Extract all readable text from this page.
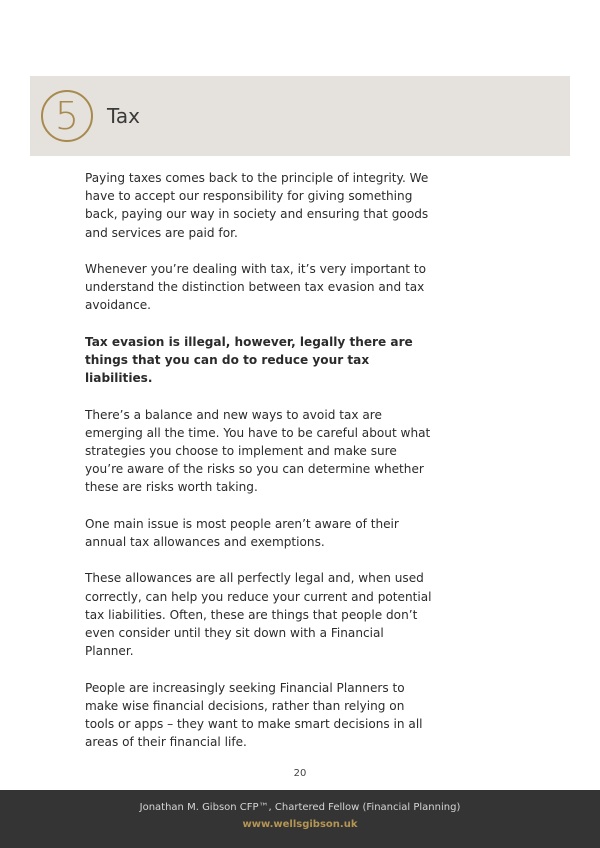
5	Tax

Paying taxes comes back to the principle of integrity. We have to accept our responsibility for giving something back, paying our way in society and ensuring that goods and services are paid for.

Whenever you’re dealing with tax, it’s very important to understand the distinction between tax evasion and tax avoidance.

Tax evasion is illegal, however, legally there are things that you can do to reduce your tax liabilities.

There’s a balance and new ways to avoid tax are emerging all the time. You have to be careful about what strategies you choose to implement and make sure you’re aware of the risks so you can determine whether these are risks worth taking.

One main issue is most people aren’t aware of their annual tax allowances and exemptions.

These allowances are all perfectly legal and, when used correctly, can help you reduce your current and potential tax liabilities. Often, these are things that people don’t even consider until they sit down with a Financial Planner.

People are increasingly seeking Financial Planners to make wise financial decisions, rather than relying on tools or apps – they want to make smart decisions in all areas of their financial life.

20
Jonathan M. Gibson CFP™, Chartered Fellow (Financial Planning)
www.wellsgibson.uk
